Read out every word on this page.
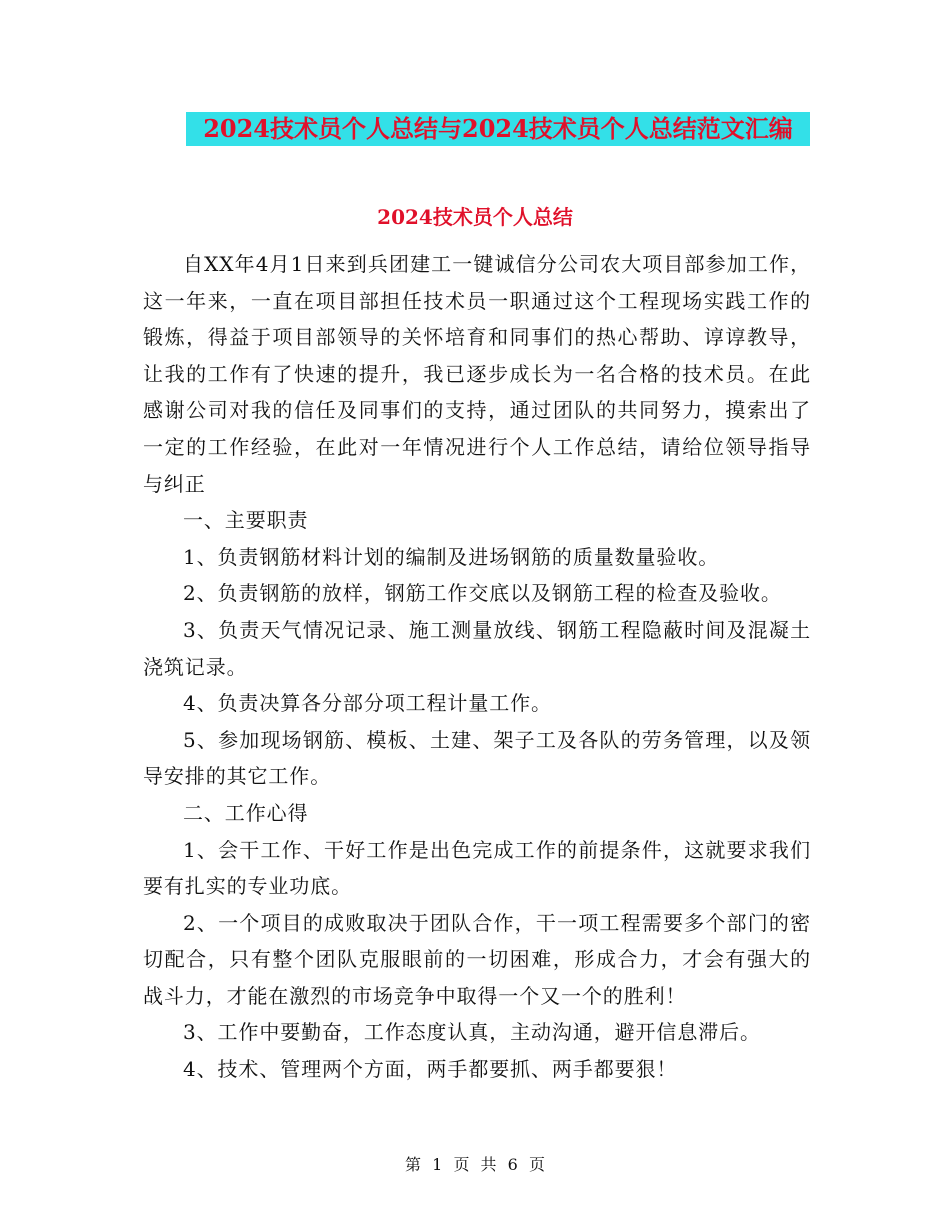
2024技术员个人总结与2024技术员个人总结范文汇编
2024技术员个人总结

自XX年4月1日来到兵团建工一键诚信分公司农大项目部参加工作，这一年来，一直在项目部担任技术员一职通过这个工程现场实践工作的锻炼，得益于项目部领导的关怀培育和同事们的热心帮助、谆谆教导，让我的工作有了快速的提升，我已逐步成长为一名合格的技术员。在此感谢公司对我的信任及同事们的支持，通过团队的共同努力，摸索出了一定的工作经验，在此对一年情况进行个人工作总结，请给位领导指导与纠正

一、主要职责

1、负责钢筋材料计划的编制及进场钢筋的质量数量验收。

2、负责钢筋的放样，钢筋工作交底以及钢筋工程的检查及验收。

3、负责天气情况记录、施工测量放线、钢筋工程隐蔽时间及混凝土浇筑记录。

4、负责决算各分部分项工程计量工作。

5、参加现场钢筋、模板、土建、架子工及各队的劳务管理，以及领导安排的其它工作。

二、工作心得

1、会干工作、干好工作是出色完成工作的前提条件，这就要求我们要有扎实的专业功底。

2、一个项目的成败取决于团队合作，干一项工程需要多个部门的密切配合，只有整个团队克服眼前的一切困难，形成合力，才会有强大的战斗力，才能在激烈的市场竞争中取得一个又一个的胜利！

3、工作中要勤奋，工作态度认真，主动沟通，避开信息滞后。

4、技术、管理两个方面，两手都要抓、两手都要狠！

第 1 页 共 6 页
